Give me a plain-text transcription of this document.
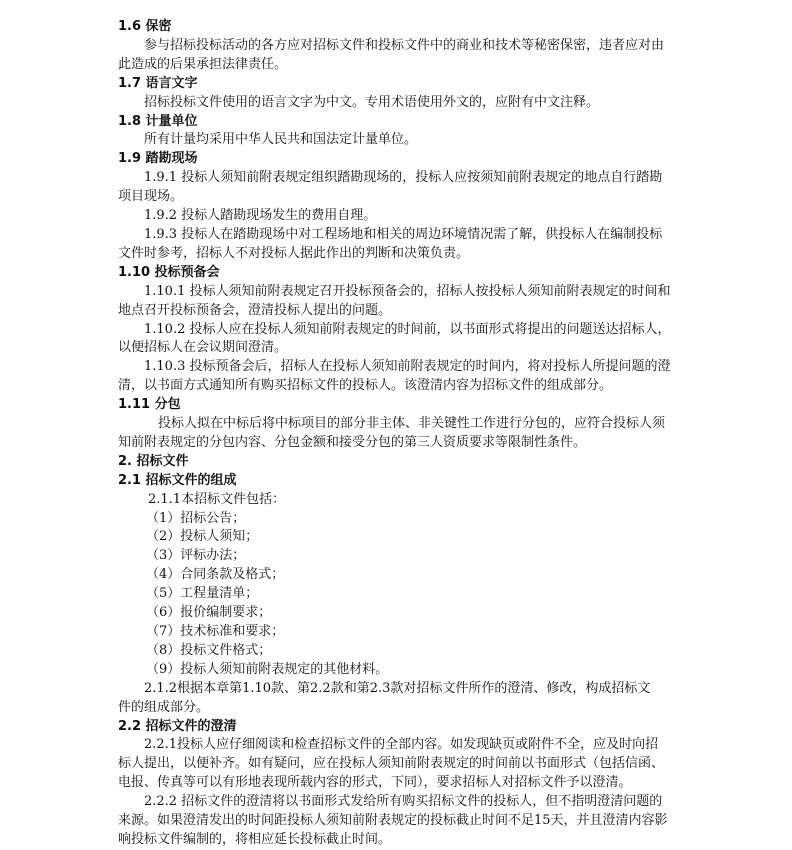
1.6 保密
参与招标投标活动的各方应对招标文件和投标文件中的商业和技术等秘密保密，违者应对由
此造成的后果承担法律责任。
1.7 语言文字
招标投标文件使用的语言文字为中文。专用术语使用外文的，应附有中文注释。
1.8 计量单位
所有计量均采用中华人民共和国法定计量单位。
1.9 踏勘现场
1.9.1 投标人须知前附表规定组织踏勘现场的，投标人应按须知前附表规定的地点自行踏勘
项目现场。
1.9.2 投标人踏勘现场发生的费用自理。
1.9.3 投标人在踏勘现场中对工程场地和相关的周边环境情况需了解，供投标人在编制投标
文件时参考，招标人不对投标人据此作出的判断和决策负责。
1.10 投标预备会
1.10.1 投标人须知前附表规定召开投标预备会的，招标人按投标人须知前附表规定的时间和
地点召开投标预备会，澄清投标人提出的问题。
1.10.2 投标人应在投标人须知前附表规定的时间前，以书面形式将提出的问题送达招标人，
以便招标人在会议期间澄清。
1.10.3 投标预备会后，招标人在投标人须知前附表规定的时间内，将对投标人所提问题的澄
清，以书面方式通知所有购买招标文件的投标人。该澄清内容为招标文件的组成部分。
1.11 分包
投标人拟在中标后将中标项目的部分非主体、非关键性工作进行分包的，应符合投标人须
知前附表规定的分包内容、分包金额和接受分包的第三人资质要求等限制性条件。
2. 招标文件
2.1 招标文件的组成
2.1.1本招标文件包括：
（1）招标公告；
（2）投标人须知；
（3）评标办法；
（4）合同条款及格式；
（5）工程量清单；
（6）报价编制要求；
（7）技术标准和要求；
（8）投标文件格式；
（9）投标人须知前附表规定的其他材料。
2.1.2根据本章第1.10款、第2.2款和第2.3款对招标文件所作的澄清、修改，构成招标文
件的组成部分。
2.2 招标文件的澄清
2.2.1投标人应仔细阅读和检查招标文件的全部内容。如发现缺页或附件不全，应及时向招
标人提出，以便补齐。如有疑问，应在投标人须知前附表规定的时间前以书面形式（包括信函、
电报、传真等可以有形地表现所载内容的形式，下同），要求招标人对招标文件予以澄清。
2.2.2 招标文件的澄清将以书面形式发给所有购买招标文件的投标人，但不指明澄清问题的
来源。如果澄清发出的时间距投标人须知前附表规定的投标截止时间不足15天，并且澄清内容影
响投标文件编制的，将相应延长投标截止时间。
